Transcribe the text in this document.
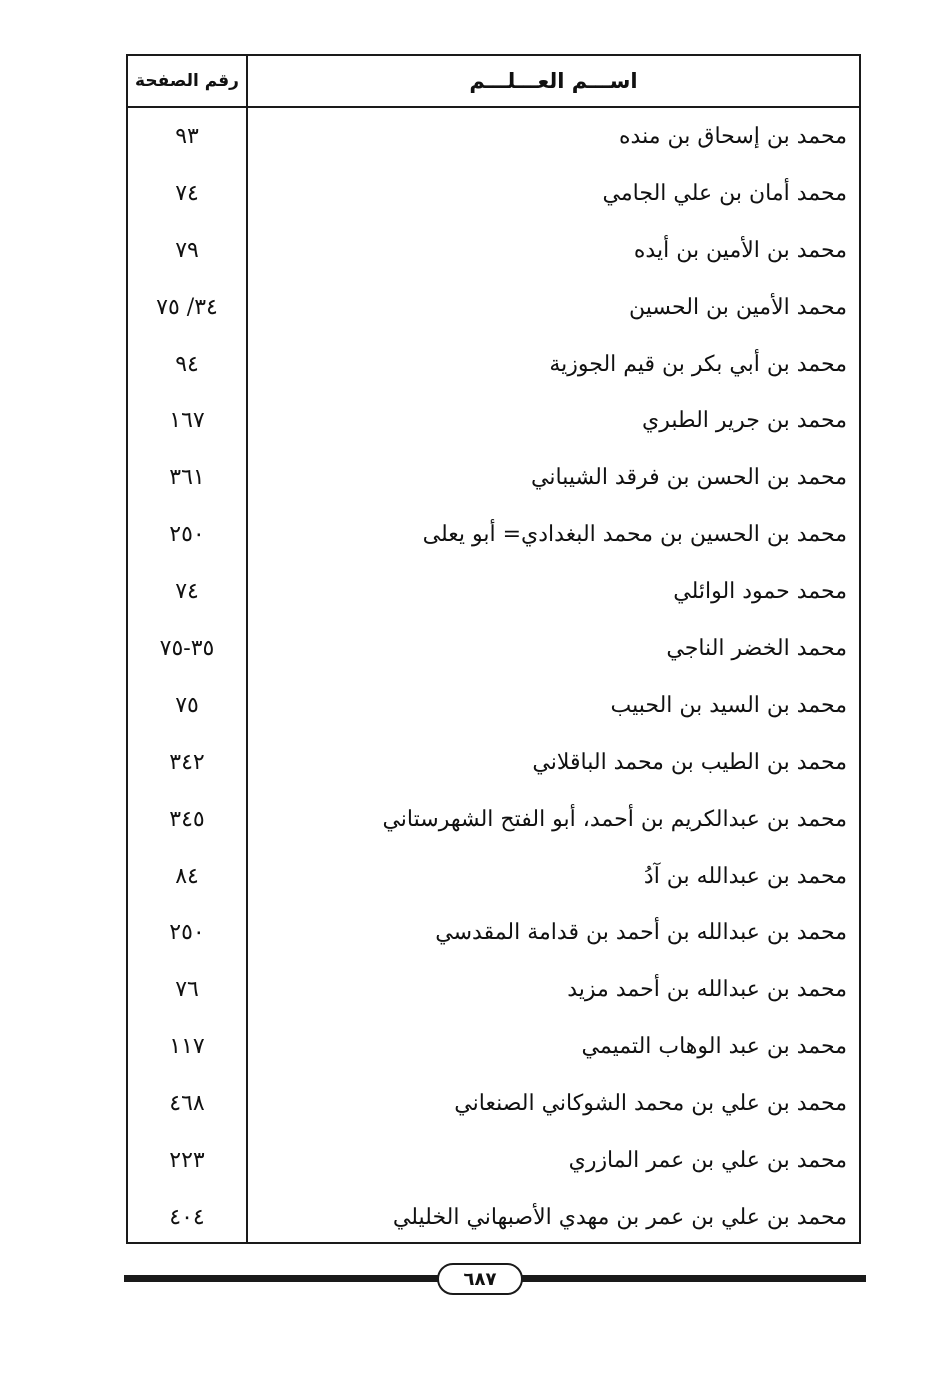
اســـم العـــلـــم
رقم الصفحة
محمد بن إسحاق بن منده
٩٣
محمد أمان بن علي الجامي
٧٤
محمد بن الأمين بن أيده
٧٩
محمد الأمين بن الحسين
٣٤/ ٧٥
محمد بن أبي بكر بن قيم الجوزية
٩٤
محمد بن جرير الطبري
١٦٧
محمد بن الحسن بن فرقد الشيباني
٣٦١
محمد بن الحسين بن محمد البغدادي= أبو يعلى
٢٥٠
محمد حمود الوائلي
٧٤
محمد الخضر الناجي
٣٥-٧٥
محمد بن السيد بن الحبيب
٧٥
محمد بن الطيب بن محمد الباقلاني
٣٤٢
محمد بن عبدالكريم بن أحمد، أبو الفتح الشهرستاني
٣٤٥
محمد بن عبدالله بن آدُ
٨٤
محمد بن عبدالله بن أحمد بن قدامة المقدسي
٢٥٠
محمد بن عبدالله بن أحمد مزيد
٧٦
محمد بن عبد الوهاب التميمي
١١٧
محمد بن علي بن محمد الشوكاني الصنعاني
٤٦٨
محمد بن علي بن عمر المازري
٢٢٣
محمد بن علي بن عمر بن مهدي الأصبهاني الخليلي
٤٠٤
٦٨٧
